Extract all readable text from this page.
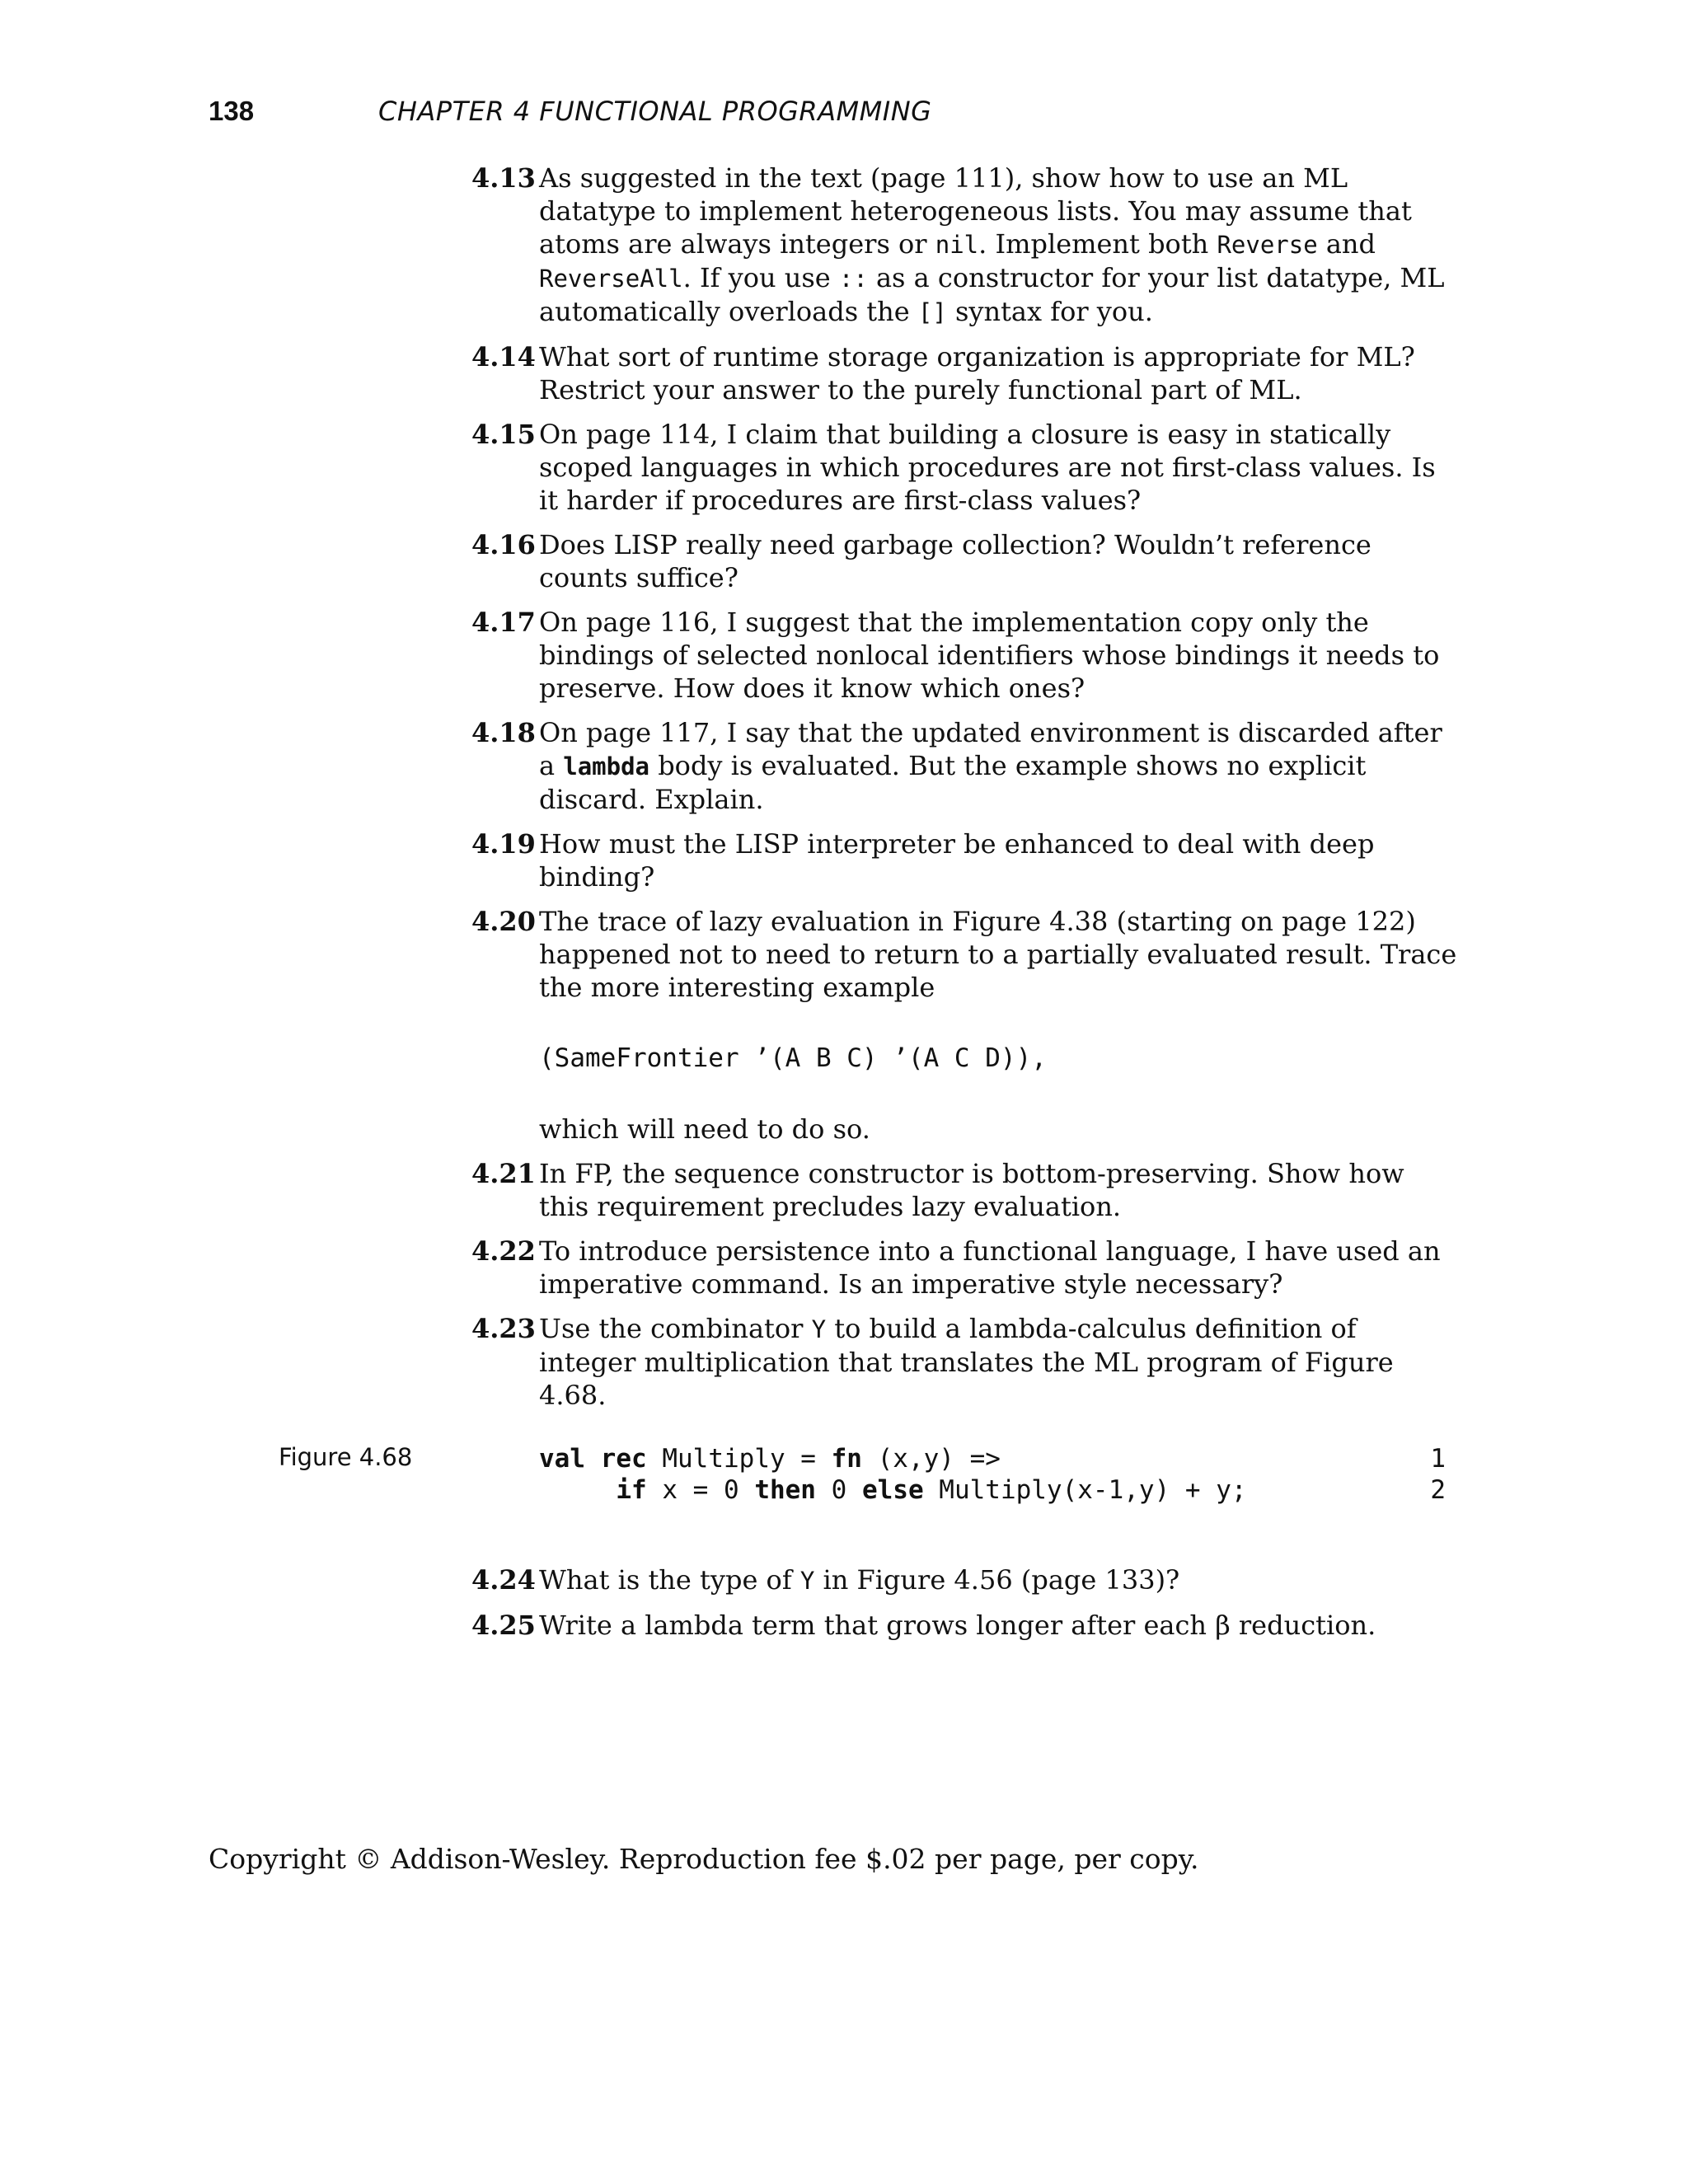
138	CHAPTER 4 FUNCTIONAL PROGRAMMING
4.13 As suggested in the text (page 111), show how to use an ML datatype to implement heterogeneous lists. You may assume that atoms are always integers or nil. Implement both Reverse and ReverseAll. If you use :: as a constructor for your list datatype, ML automatically overloads the [] syntax for you.
4.14 What sort of runtime storage organization is appropriate for ML? Restrict your answer to the purely functional part of ML.
4.15 On page 114, I claim that building a closure is easy in statically scoped languages in which procedures are not first-class values. Is it harder if procedures are first-class values?
4.16 Does LISP really need garbage collection? Wouldn’t reference counts suffice?
4.17 On page 116, I suggest that the implementation copy only the bindings of selected nonlocal identifiers whose bindings it needs to preserve. How does it know which ones?
4.18 On page 117, I say that the updated environment is discarded after a lambda body is evaluated. But the example shows no explicit discard. Explain.
4.19 How must the LISP interpreter be enhanced to deal with deep binding?
4.20 The trace of lazy evaluation in Figure 4.38 (starting on page 122) happened not to need to return to a partially evaluated result. Trace the more interesting example

(SameFrontier ’(A B C) ’(A C D)),

which will need to do so.

4.21 In FP, the sequence constructor is bottom-preserving. Show how this requirement precludes lazy evaluation.
4.22 To introduce persistence into a functional language, I have used an imperative command. Is an imperative style necessary?
4.23 Use the combinator Y to build a lambda-calculus definition of integer multiplication that translates the ML program of Figure 4.68.
Figure 4.68	val rec Multiply = fn (x,y) =>	1
if x = 0 then 0 else Multiply(x-1,y) + y;	2
4.24 What is the type of Y in Figure 4.56 (page 133)?
4.25 Write a lambda term that grows longer after each β reduction.
Copyright © Addison-Wesley. Reproduction fee $.02 per page, per copy.
